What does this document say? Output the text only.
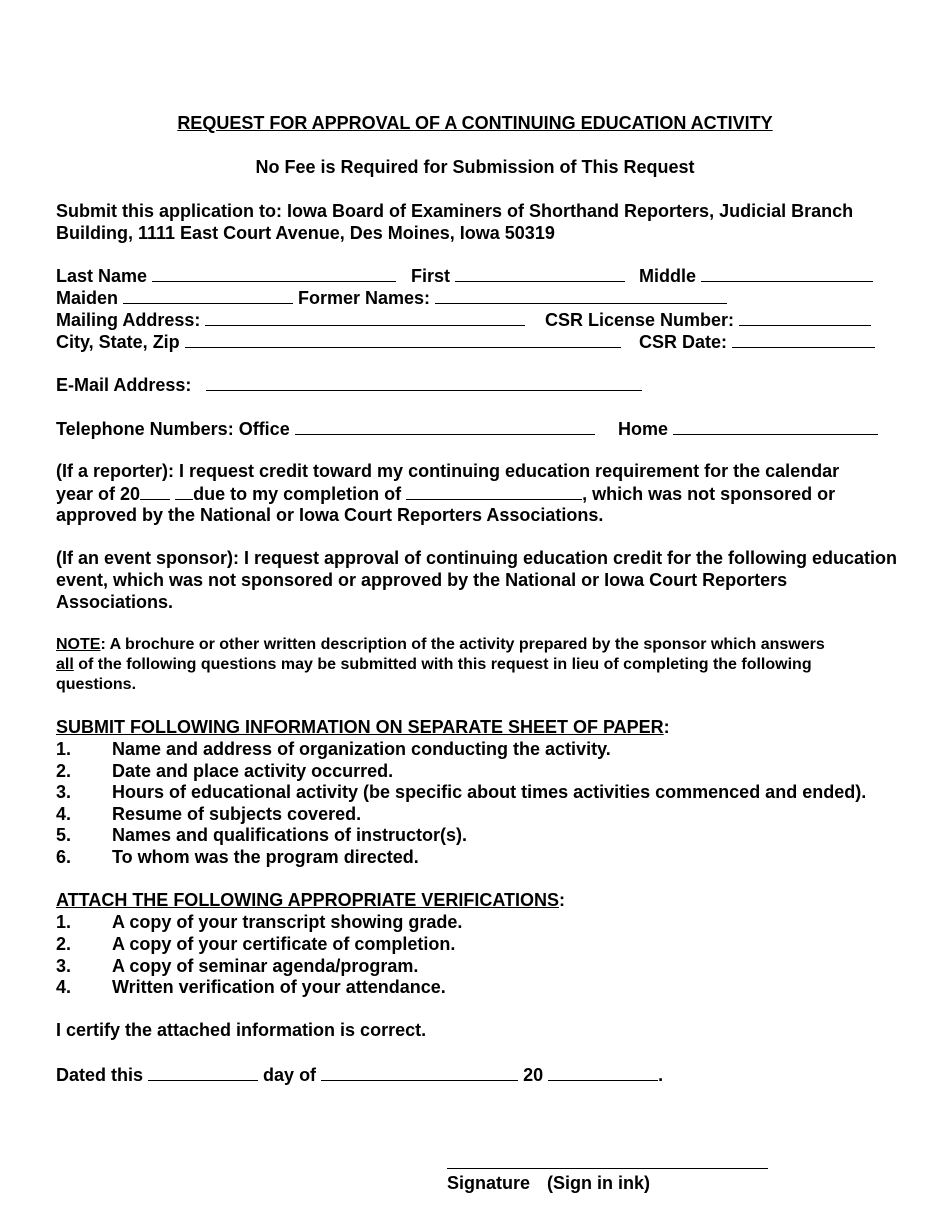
REQUEST FOR APPROVAL OF A CONTINUING EDUCATION ACTIVITY
No Fee is Required for Submission of This Request
Submit this application to: Iowa Board of Examiners of Shorthand Reporters, Judicial Branch
Building, 1111 East Court Avenue, Des Moines, Iowa 50319
Last Name	First	Middle
Maiden	Former Names:
Mailing Address:	CSR License Number:
City, State, Zip	CSR Date:
E-Mail Address:
Telephone Numbers: Office	Home
(If a reporter): I request credit toward my continuing education requirement for the calendar
year of 20	due to my completion of	, which was not sponsored or
approved by the National or Iowa Court Reporters Associations.
(If an event sponsor): I request approval of continuing education credit for the following education event, which was not sponsored or approved by the National or Iowa Court Reporters Associations.
NOTE: A brochure or other written description of the activity prepared by the sponsor which answers
all of the following questions may be submitted with this request in lieu of completing the following
questions.
SUBMIT FOLLOWING INFORMATION ON SEPARATE SHEET OF PAPER:
1. Name and address of organization conducting the activity.
2. Date and place activity occurred.
3. Hours of educational activity (be specific about times activities commenced and ended).
4. Resume of subjects covered.
5. Names and qualifications of instructor(s).
6. To whom was the program directed.
ATTACH THE FOLLOWING APPROPRIATE VERIFICATIONS:
1. A copy of your transcript showing grade.
2. A copy of your certificate of completion.
3. A copy of seminar agenda/program.
4. Written verification of your attendance.
I certify the attached information is correct.
Dated this	day of	20	.
Signature (Sign in ink)
